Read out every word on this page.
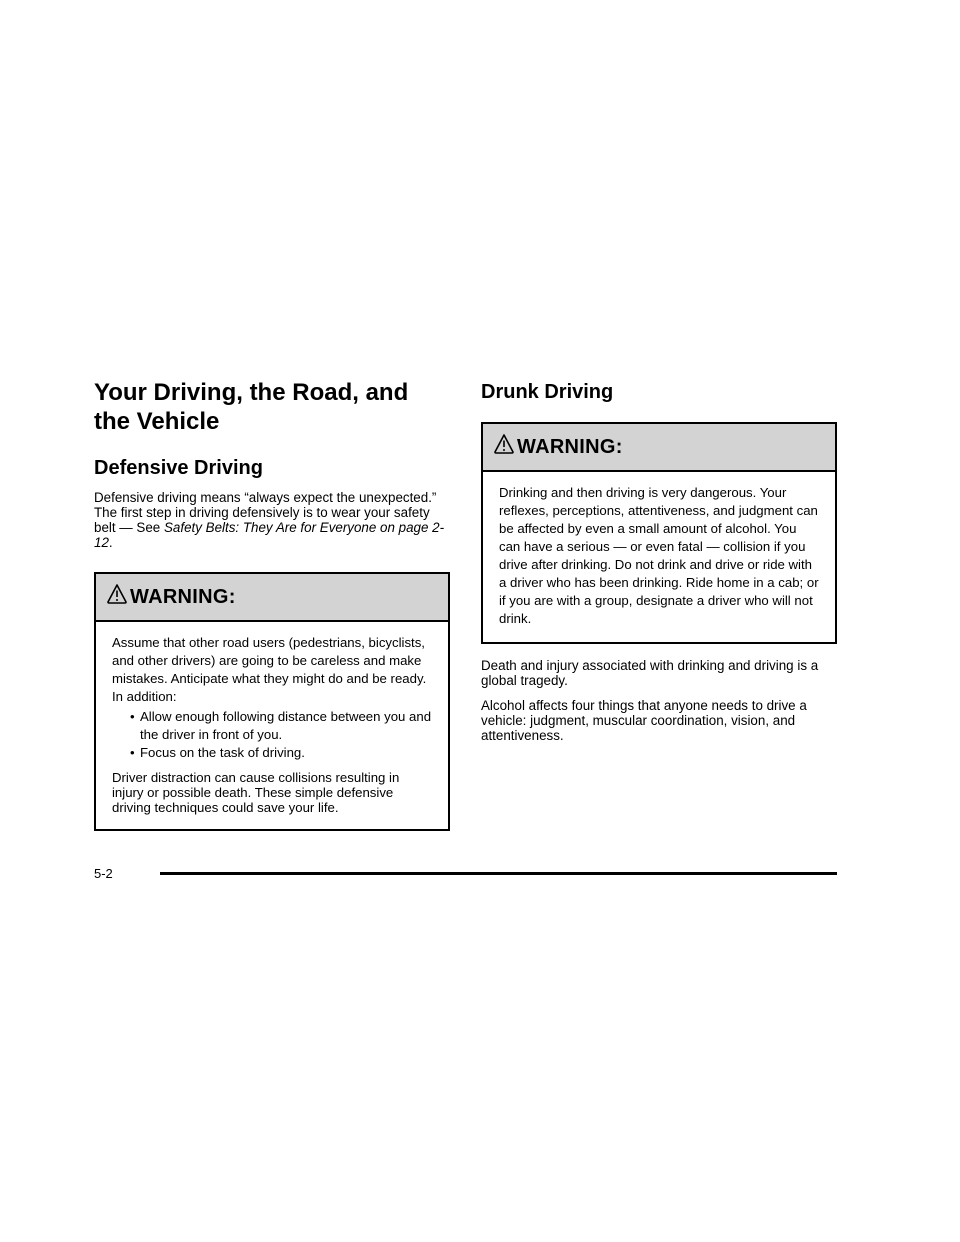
Your Driving, the Road, and the Vehicle
Defensive Driving

Defensive driving means “always expect the unexpected.” The first step in driving defensively is to wear your safety belt — See Safety Belts: They Are for Everyone on page 2-12.

WARNING:

Assume that other road users (pedestrians, bicyclists, and other drivers) are going to be careless and make mistakes. Anticipate what they might do and be ready. In addition:

• Allow enough following distance between you and the driver in front of you.
• Focus on the task of driving.

Driver distraction can cause collisions resulting in injury or possible death. These simple defensive driving techniques could save your life.

Drunk Driving
WARNING:

Drinking and then driving is very dangerous. Your reflexes, perceptions, attentiveness, and judgment can be affected by even a small amount of alcohol. You can have a serious — or even fatal — collision if you drive after drinking. Do not drink and drive or ride with a driver who has been drinking. Ride home in a cab; or if you are with a group, designate a driver who will not drink.

Death and injury associated with drinking and driving is a global tragedy.

Alcohol affects four things that anyone needs to drive a vehicle: judgment, muscular coordination, vision, and attentiveness.

5-2
